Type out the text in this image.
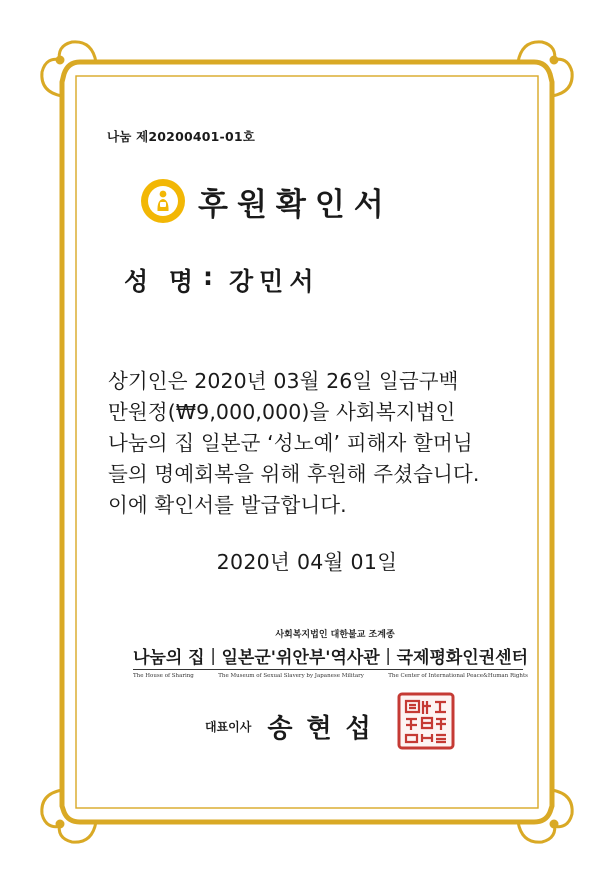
나눔 제20200401-01호
후원확인서
성 명 : 강민서
상기인은 2020년 03월 26일 일금구백
만원정(₩9,000,000)을 사회복지법인
나눔의 집 일본군 ‘성노예’ 피해자 할머님
들의 명예회복을 위해 후원해 주셨습니다.
이에 확인서를 발급합니다.
2020년 04월 01일
사회복지법인 대한불교 조계종
나눔의 집 | 일본군'위안부'역사관 | 국제평화인권센터
The House of Sharing	The Museum of Sexual Slavery by Japanese Military	The Center of International Peace&Human Rights
대표이사 송현섭
